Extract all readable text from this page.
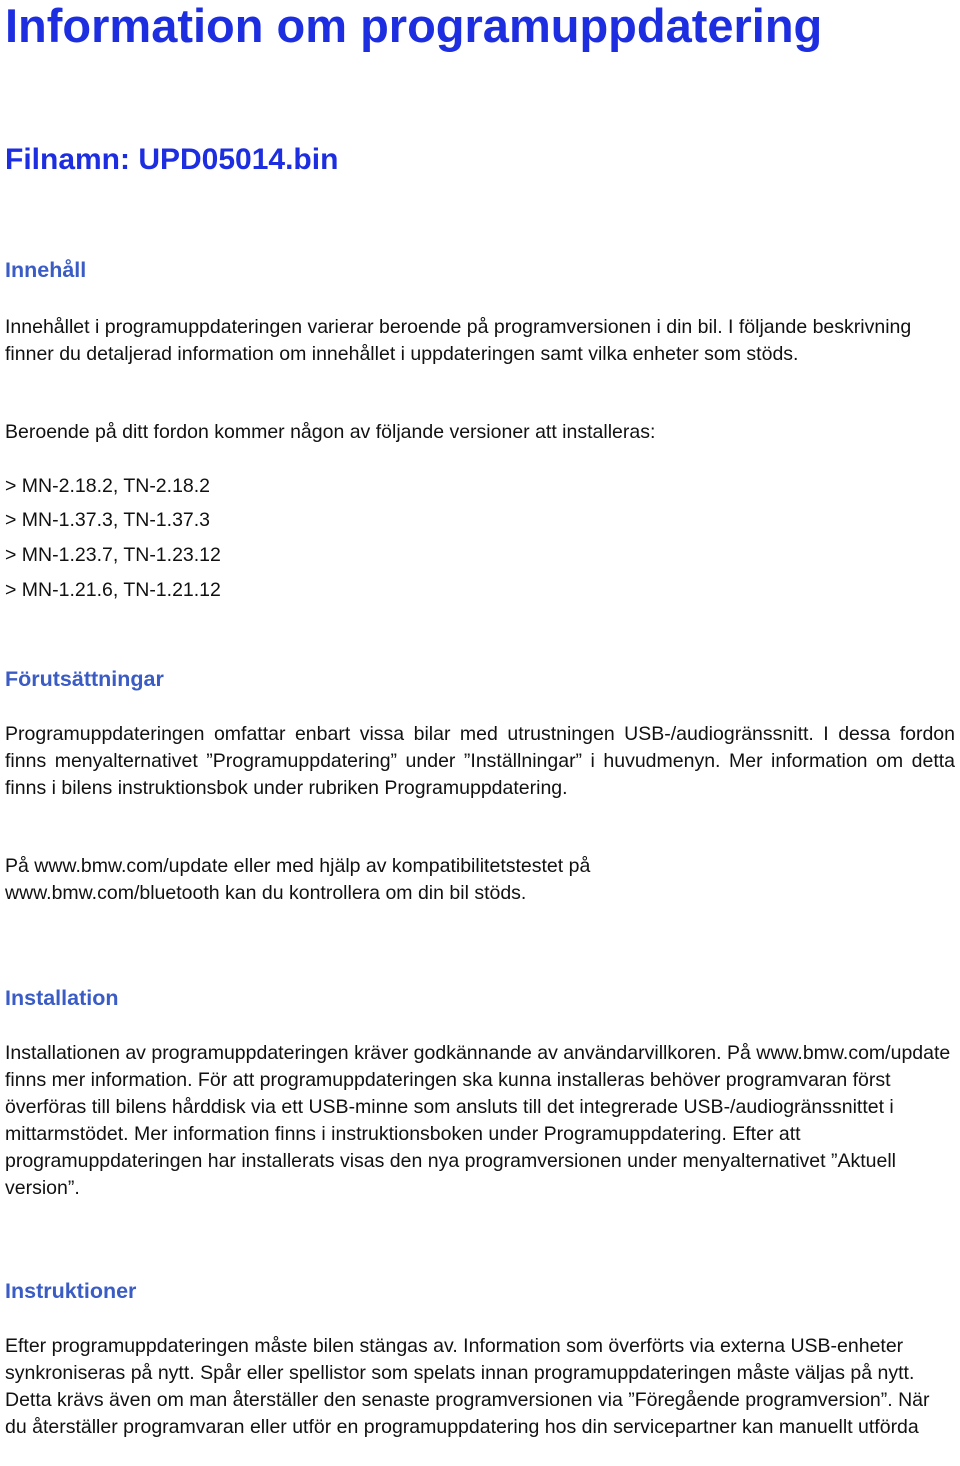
Information om programuppdatering
Filnamn: UPD05014.bin
Innehåll

Innehållet i programuppdateringen varierar beroende på programversionen i din bil. I följande beskrivning finner du detaljerad information om innehållet i uppdateringen samt vilka enheter som stöds.

Beroende på ditt fordon kommer någon av följande versioner att installeras:

> MN-2.18.2, TN-2.18.2
> MN-1.37.3, TN-1.37.3
> MN-1.23.7, TN-1.23.12
> MN-1.21.6, TN-1.21.12
Förutsättningar

Programuppdateringen omfattar enbart vissa bilar med utrustningen USB-/audiogränssnitt. I dessa fordon finns menyalternativet ”Programuppdatering” under ”Inställningar” i huvudmenyn. Mer information om detta finns i bilens instruktionsbok under rubriken Programuppdatering.

På www.bmw.com/update eller med hjälp av kompatibilitetstestet på www.bmw.com/bluetooth kan du kontrollera om din bil stöds.

Installation

Installationen av programuppdateringen kräver godkännande av användarvillkoren. På www.bmw.com/update finns mer information. För att programuppdateringen ska kunna installeras behöver programvaran först överföras till bilens hårddisk via ett USB-minne som ansluts till det integrerade USB-/audiogränssnittet i mittarmstödet. Mer information finns i instruktionsboken under Programuppdatering. Efter att programuppdateringen har installerats visas den nya programversionen under menyalternativet ”Aktuell version”.

Instruktioner

Efter programuppdateringen måste bilen stängas av. Information som överförts via externa USB-enheter synkroniseras på nytt. Spår eller spellistor som spelats innan programuppdateringen måste väljas på nytt. Detta krävs även om man återställer den senaste programversionen via ”Föregående programversion”. När du återställer programvaran eller utför en programuppdatering hos din servicepartner kan manuellt utförda
